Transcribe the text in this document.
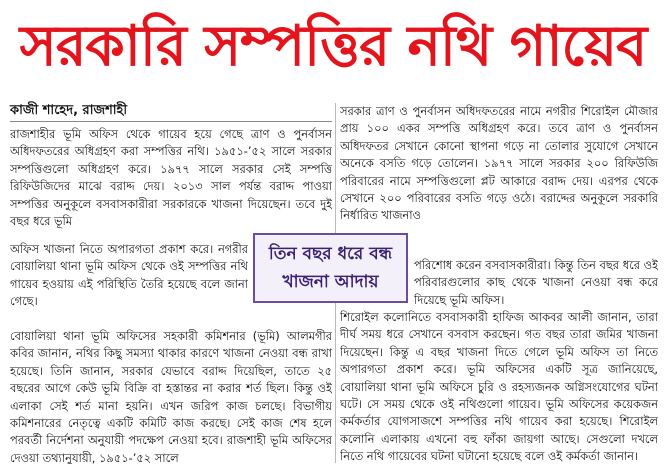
সরকারি সম্পত্তির নথি গায়েব
কাজী শাহেদ, রাজশাহী

রাজশাহীর ভূমি অফিস থেকে গায়েব হয়ে গেছে ত্রাণ ও পুনর্বাসন অধিদফতরের অধিগ্রহণ করা সম্পত্তির নথি। ১৯৫১-’৫২ সালে সরকার সম্পত্তিগুলো অধিগ্রহণ করে। ১৯৭৭ সালে সরকার সেই সম্পত্তি রিফিউজিদের মাঝে বরাদ্দ দেয়। ২০১৩ সাল পর্যন্ত বরাদ্দ পাওয়া সম্পত্তির অনুকূলে বসবাসকারীরা সরকারকে খাজনা দিয়েছেন। তবে দুই বছর ধরে ভূমি

অফিস খাজনা নিতে অপারগতা প্রকাশ করে। নগরীর বোয়ালিয়া থানা ভূমি অফিস থেকে ওই সম্পত্তির নথি গায়েব হওয়ায় এই পরিস্থিতি তৈরি হয়েছে বলে জানা গেছে।

তিন বছর ধরে বন্ধ
খাজনা আদায়

বোয়ালিয়া থানা ভূমি অফিসের সহকারী কমিশনার (ভূমি) আলমগীর কবির জানান, নথির কিছু সমস্যা থাকার কারণে খাজনা নেওয়া বন্ধ রাখা হয়েছে। তিনি জানান, সরকার যেভাবে বরাদ্দ দিয়েছিল, তাতে ২৫ বছরের আগে কেউ ভূমি বিক্রি বা হস্তান্তর না করার শর্ত ছিল। কিন্তু ওই এলাকা সেই শর্ত মানা হয়নি। এখন জরিপ কাজ চলছে। বিভাগীয় কমিশনারের নেতৃত্বে একটি কমিটি কাজ করছে। সেই কাজ শেষ হলে পরবর্তী নির্দেশনা অনুযায়ী পদক্ষেপ নেওয়া হবে। রাজশাহী ভূমি অফিসের দেওয়া তথ্যানুযায়ী, ১৯৫১-’৫২ সালে

সরকার ত্রাণ ও পুনর্বাসন অধিদফতরের নামে নগরীর শিরোইল মৌজার প্রায় ১০০ একর সম্পত্তি অধিগ্রহণ করে। তবে ত্রাণ ও পুনর্বাসন অধিদফতর সেখানে কোনো স্থাপনা গড়ে না তোলার সুযোগে সেখানে অনেকে বসতি গড়ে তোলেন। ১৯৭৭ সালে সরকার ২০০ রিফিউজি পরিবারের নামে সম্পত্তিগুলো প্লট আকারে বরাদ্দ দেয়। এরপর থেকে সেখানে ২০০ পরিবারের বসতি গড়ে ওঠে। বরাদ্দের অনুকূলে সরকারি নির্ধারিত খাজনাও

পরিশোধ করেন বসবাসকারীরা। কিন্তু তিন বছর ধরে ওই পরিবারগুলোর কাছ থেকে খাজনা নেওয়া বন্ধ করে দিয়েছে ভূমি অফিস।

শিরোইল কলোনিতে বসবাসকারী হাফিজ আকবর আলী জানান, তারা দীর্ঘ সময় ধরে সেখানে বসবাস করছেন। গত বছর তারা জমির খাজনা দিয়েছেন। কিন্তু এ বছর খাজনা দিতে গেলে ভূমি অফিস তা নিতে অপারগতা প্রকাশ করে। ভূমি অফিসের একটি সূত্র জানিয়েছে, বোয়ালিয়া থানা ভূমি অফিসে চুরি ও রহস্যজনক অগ্নিসংযোগের ঘটনা ঘটে। সে সময় থেকে ওই নথিগুলো গায়েব। ভূমি অফিসের কয়েকজন কর্মকর্তার যোগসাজশে সম্পত্তির নথি গায়েব করা হয়েছে। শিরোইল কলোনি এলাকায় এখনো বহু ফাঁকা জায়গা আছে। সেগুলো দখলে নিতে নথি গায়েবের ঘটনা ঘটানো হয়েছে বলে ওই কর্মকর্তা জানান।
